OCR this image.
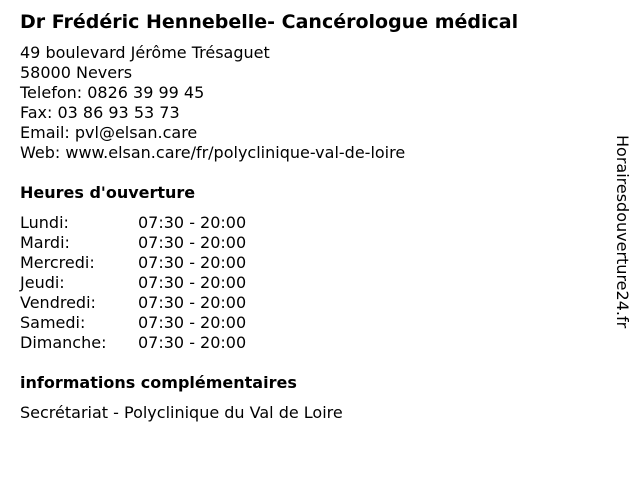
Dr Frédéric Hennebelle- Cancérologue médical
49 boulevard Jérôme Trésaguet
58000 Nevers
Telefon: 0826 39 99 45
Fax: 03 86 93 53 73
Email: pvl@elsan.care
Web: www.elsan.care/fr/polyclinique-val-de-loire
Heures d'ouverture
Lundi:	07:30 - 20:00
Mardi:	07:30 - 20:00
Mercredi:	07:30 - 20:00
Jeudi:	07:30 - 20:00
Vendredi:	07:30 - 20:00
Samedi:	07:30 - 20:00
Dimanche: 07:30 - 20:00
informations complémentaires
Secrétariat - Polyclinique du Val de Loire
Horairesdouverture24.fr
